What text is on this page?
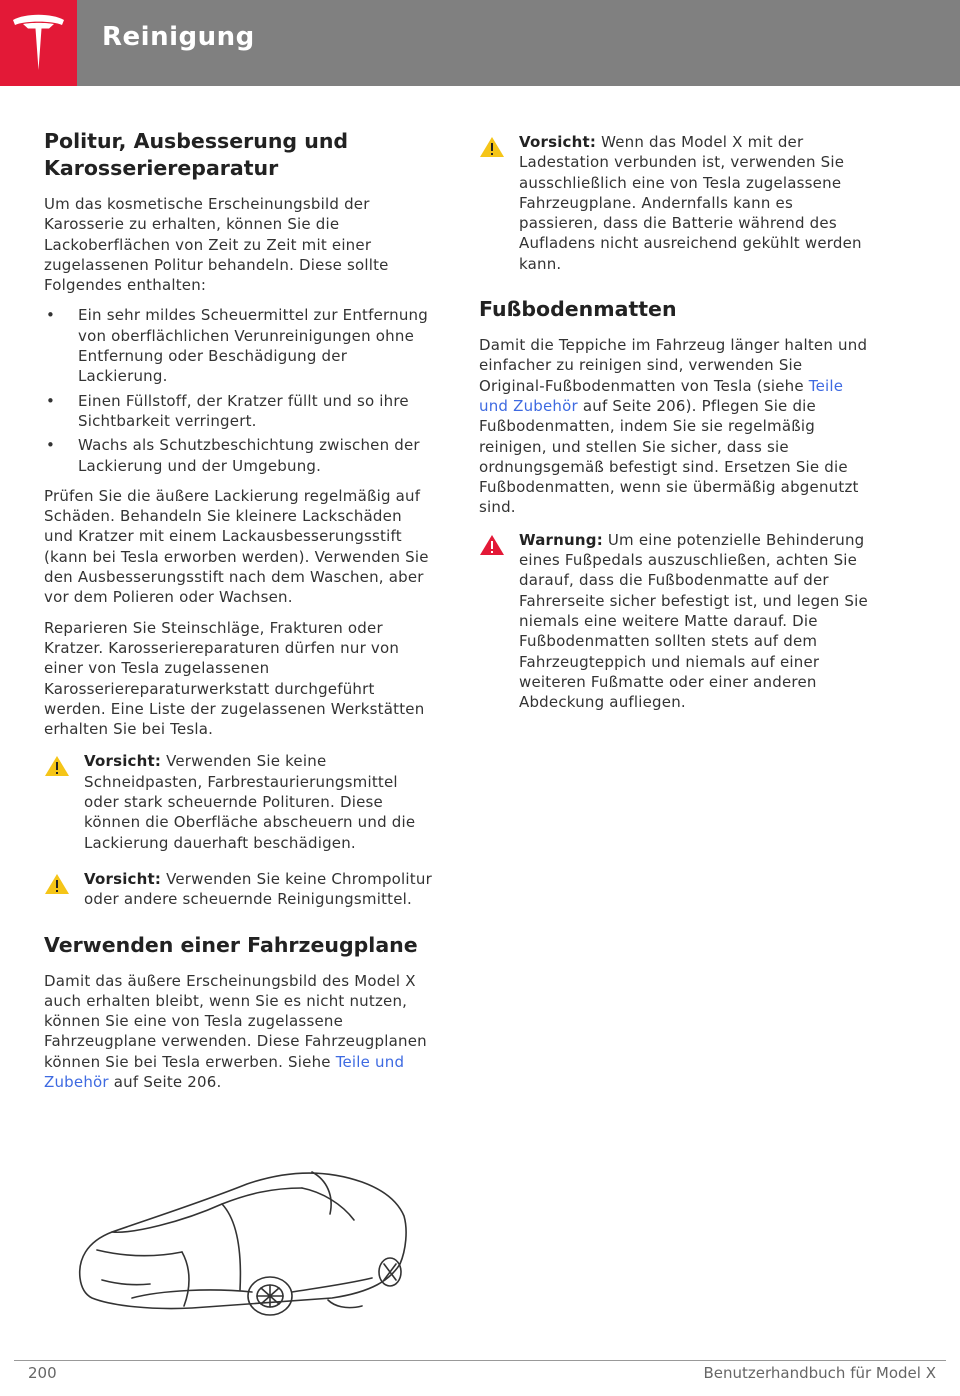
Reinigung
Politur, Ausbesserung und Karosseriereparatur

Um das kosmetische Erscheinungsbild der Karosserie zu erhalten, können Sie die Lackoberflächen von Zeit zu Zeit mit einer zugelassenen Politur behandeln. Diese sollte Folgendes enthalten:

• Ein sehr mildes Scheuermittel zur Entfernung von oberflächlichen Verunreinigungen ohne Entfernung oder Beschädigung der Lackierung.
• Einen Füllstoff, der Kratzer füllt und so ihre Sichtbarkeit verringert.
• Wachs als Schutzbeschichtung zwischen der Lackierung und der Umgebung.

Prüfen Sie die äußere Lackierung regelmäßig auf Schäden. Behandeln Sie kleinere Lackschäden und Kratzer mit einem Lackausbesserungsstift (kann bei Tesla erworben werden). Verwenden Sie den Ausbesserungsstift nach dem Waschen, aber vor dem Polieren oder Wachsen.

Reparieren Sie Steinschläge, Frakturen oder Kratzer. Karosseriereparaturen dürfen nur von einer von Tesla zugelassenen Karosseriereparaturwerkstatt durchgeführt werden. Eine Liste der zugelassenen Werkstätten erhalten Sie bei Tesla.

Vorsicht: Verwenden Sie keine Schneidpasten, Farbrestaurierungsmittel oder stark scheuernde Polituren. Diese können die Oberfläche abscheuern und die Lackierung dauerhaft beschädigen.

Vorsicht: Verwenden Sie keine Chrompolitur oder andere scheuernde Reinigungsmittel.

Verwenden einer Fahrzeugplane

Damit das äußere Erscheinungsbild des Model X auch erhalten bleibt, wenn Sie es nicht nutzen, können Sie eine von Tesla zugelassene Fahrzeugplane verwenden. Diese Fahrzeugplanen können Sie bei Tesla erwerben. Siehe Teile und Zubehör auf Seite 206.

Vorsicht: Wenn das Model X mit der Ladestation verbunden ist, verwenden Sie ausschließlich eine von Tesla zugelassene Fahrzeugplane. Andernfalls kann es passieren, dass die Batterie während des Aufladens nicht ausreichend gekühlt werden kann.

Fußbodenmatten

Damit die Teppiche im Fahrzeug länger halten und einfacher zu reinigen sind, verwenden Sie Original-Fußbodenmatten von Tesla (siehe Teile und Zubehör auf Seite 206). Pflegen Sie die Fußbodenmatten, indem Sie sie regelmäßig reinigen, und stellen Sie sicher, dass sie ordnungsgemäß befestigt sind. Ersetzen Sie die Fußbodenmatten, wenn sie übermäßig abgenutzt sind.

Warnung: Um eine potenzielle Behinderung eines Fußpedals auszuschließen, achten Sie darauf, dass die Fußbodenmatte auf der Fahrerseite sicher befestigt ist, und legen Sie niemals eine weitere Matte darauf. Die Fußbodenmatten sollten stets auf dem Fahrzeugteppich und niemals auf einer weiteren Fußmatte oder einer anderen Abdeckung aufliegen.

200	Benutzerhandbuch für Model X
